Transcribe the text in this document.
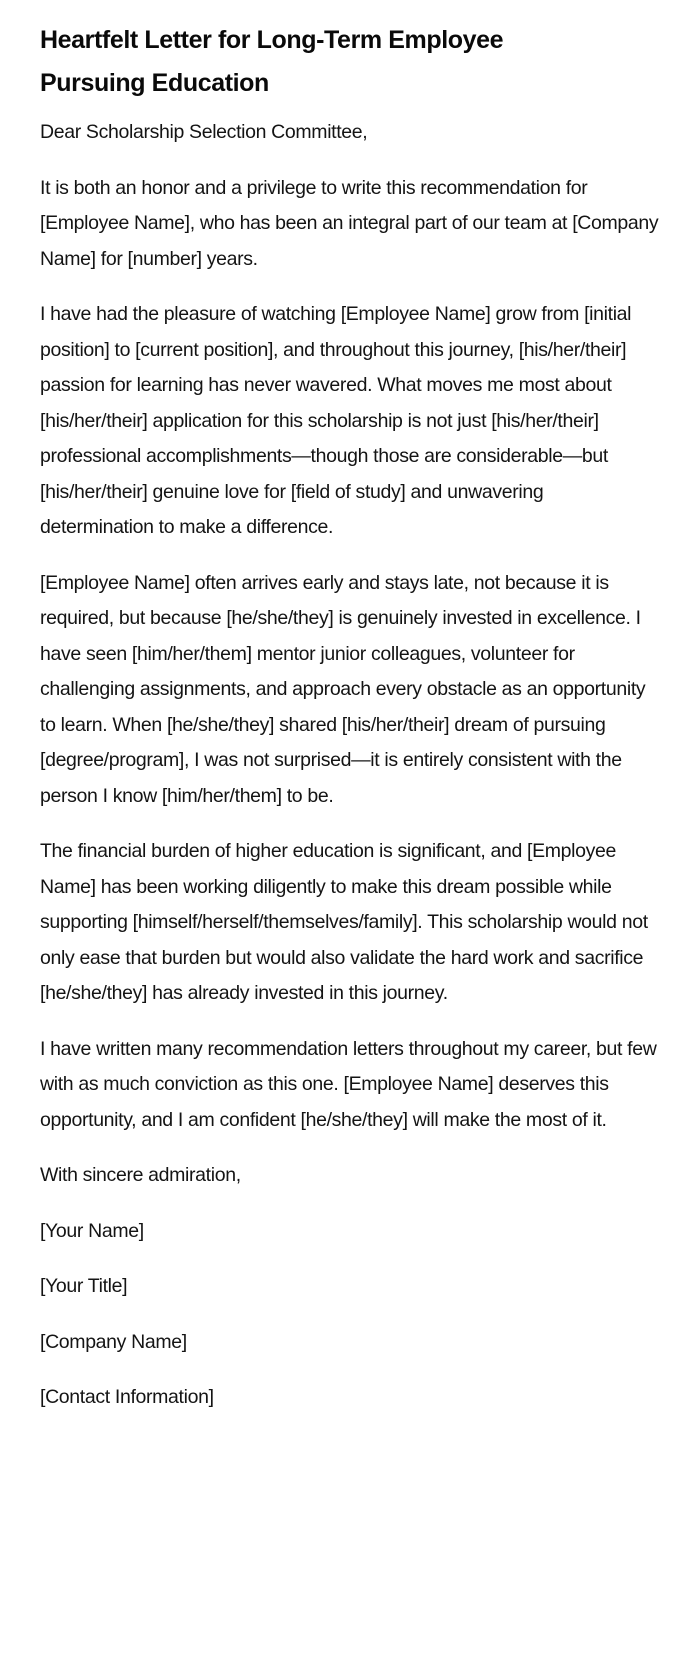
Heartfelt Letter for Long-Term Employee Pursuing Education

Dear Scholarship Selection Committee,

It is both an honor and a privilege to write this recommendation for [Employee Name], who has been an integral part of our team at [Company Name] for [number] years.

I have had the pleasure of watching [Employee Name] grow from [initial position] to [current position], and throughout this journey, [his/her/their] passion for learning has never wavered. What moves me most about [his/her/their] application for this scholarship is not just [his/her/their] professional accomplishments—though those are considerable—but [his/her/their] genuine love for [field of study] and unwavering determination to make a difference.

[Employee Name] often arrives early and stays late, not because it is required, but because [he/she/they] is genuinely invested in excellence. I have seen [him/her/them] mentor junior colleagues, volunteer for challenging assignments, and approach every obstacle as an opportunity to learn. When [he/she/they] shared [his/her/their] dream of pursuing [degree/program], I was not surprised—it is entirely consistent with the person I know [him/her/them] to be.

The financial burden of higher education is significant, and [Employee Name] has been working diligently to make this dream possible while supporting [himself/herself/themselves/family]. This scholarship would not only ease that burden but would also validate the hard work and sacrifice [he/she/they] has already invested in this journey.

I have written many recommendation letters throughout my career, but few with as much conviction as this one. [Employee Name] deserves this opportunity, and I am confident [he/she/they] will make the most of it.

With sincere admiration,

[Your Name]

[Your Title]

[Company Name]

[Contact Information]
